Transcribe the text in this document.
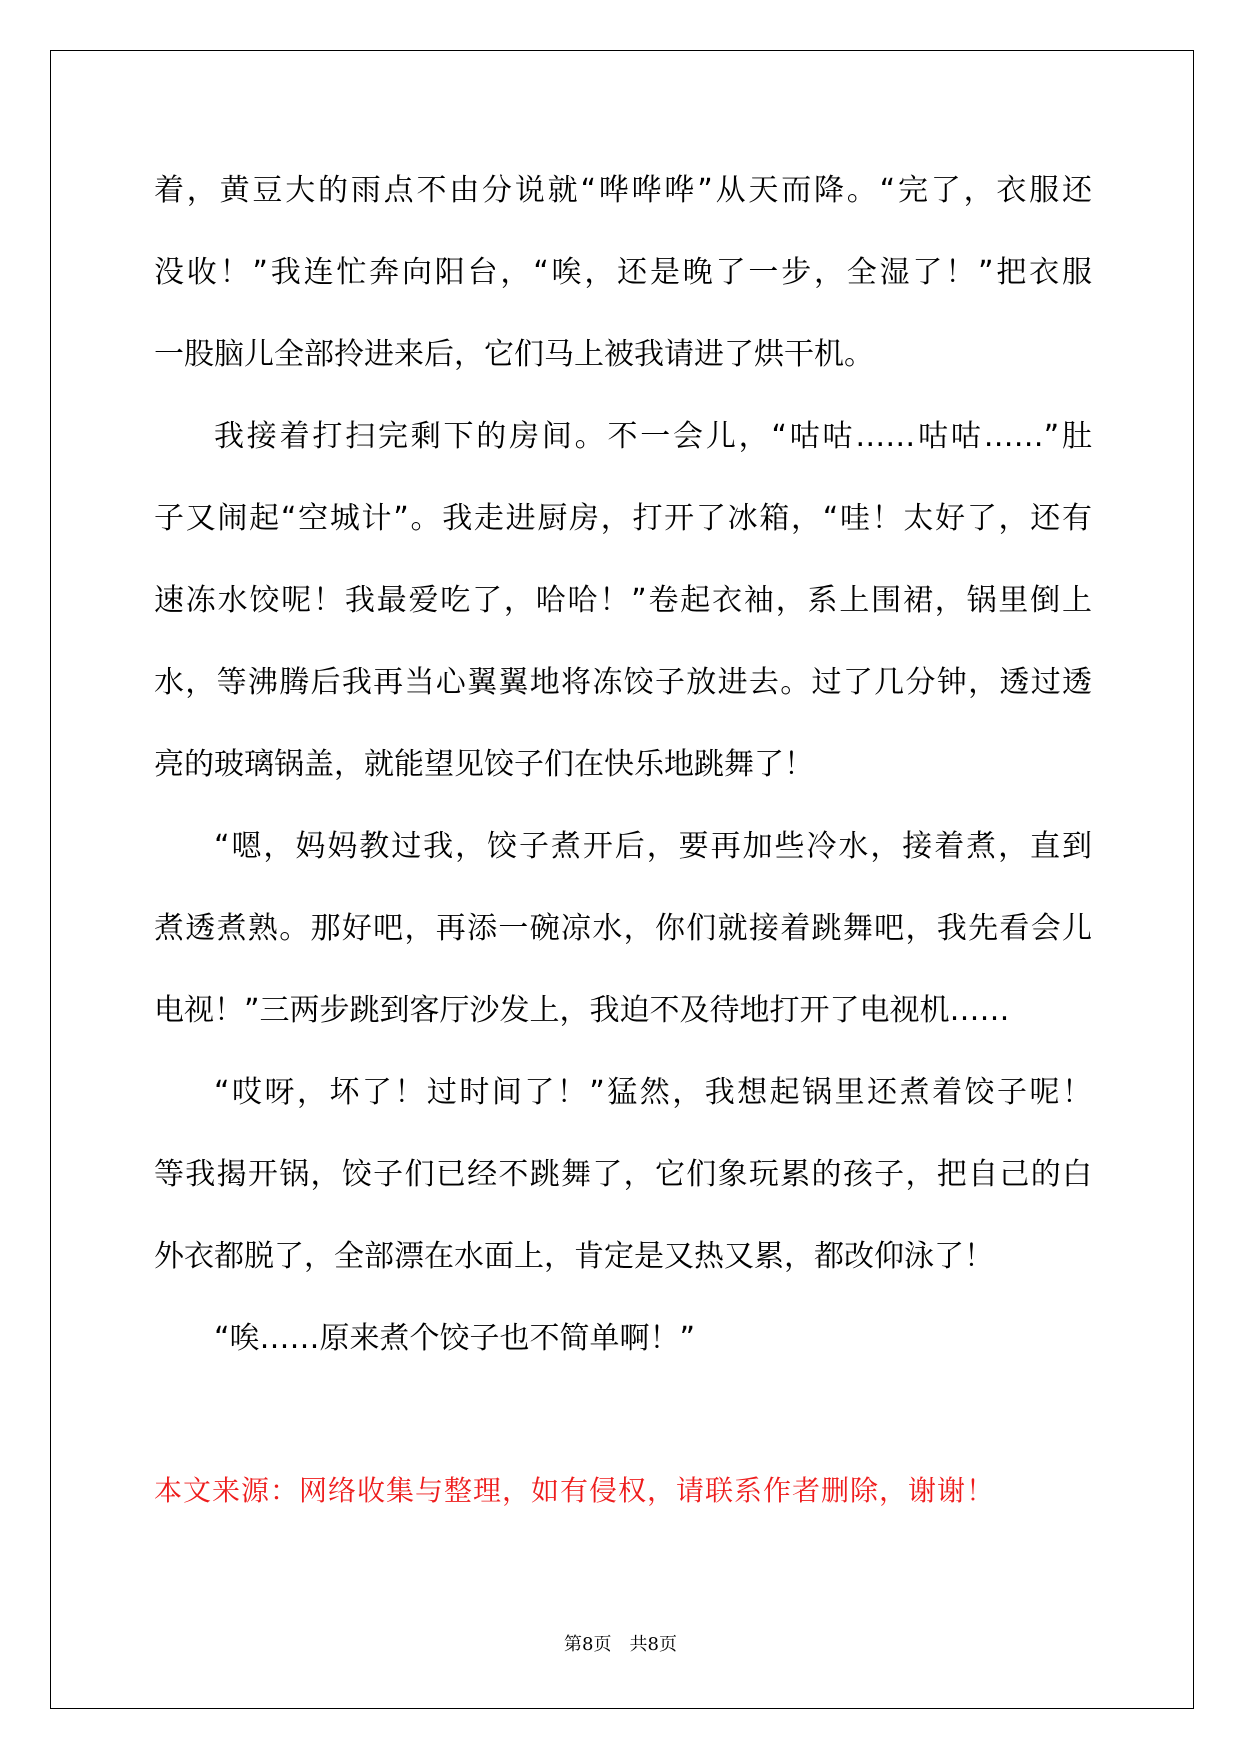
着，黄豆大的雨点不由分说就“哗哗哗”从天而降。“完了，衣服还
没收！”我连忙奔向阳台，“唉，还是晚了一步，全湿了！”把衣服
一股脑儿全部拎进来后，它们马上被我请进了烘干机。
我接着打扫完剩下的房间。不一会儿，“咕咕……咕咕……”肚
子又闹起“空城计”。我走进厨房，打开了冰箱，“哇！太好了，还有
速冻水饺呢！我最爱吃了，哈哈！”卷起衣袖，系上围裙，锅里倒上
水，等沸腾后我再当心翼翼地将冻饺子放进去。过了几分钟，透过透
亮的玻璃锅盖，就能望见饺子们在快乐地跳舞了！
“嗯，妈妈教过我，饺子煮开后，要再加些冷水，接着煮，直到
煮透煮熟。那好吧，再添一碗凉水，你们就接着跳舞吧，我先看会儿
电视！”三两步跳到客厅沙发上，我迫不及待地打开了电视机……
“哎呀，坏了！过时间了！”猛然，我想起锅里还煮着饺子呢！
等我揭开锅，饺子们已经不跳舞了，它们象玩累的孩子，把自己的白
外衣都脱了，全部漂在水面上，肯定是又热又累，都改仰泳了！
“唉……原来煮个饺子也不简单啊！”
本文来源：网络收集与整理，如有侵权，请联系作者删除，谢谢！
第8页 共8页
